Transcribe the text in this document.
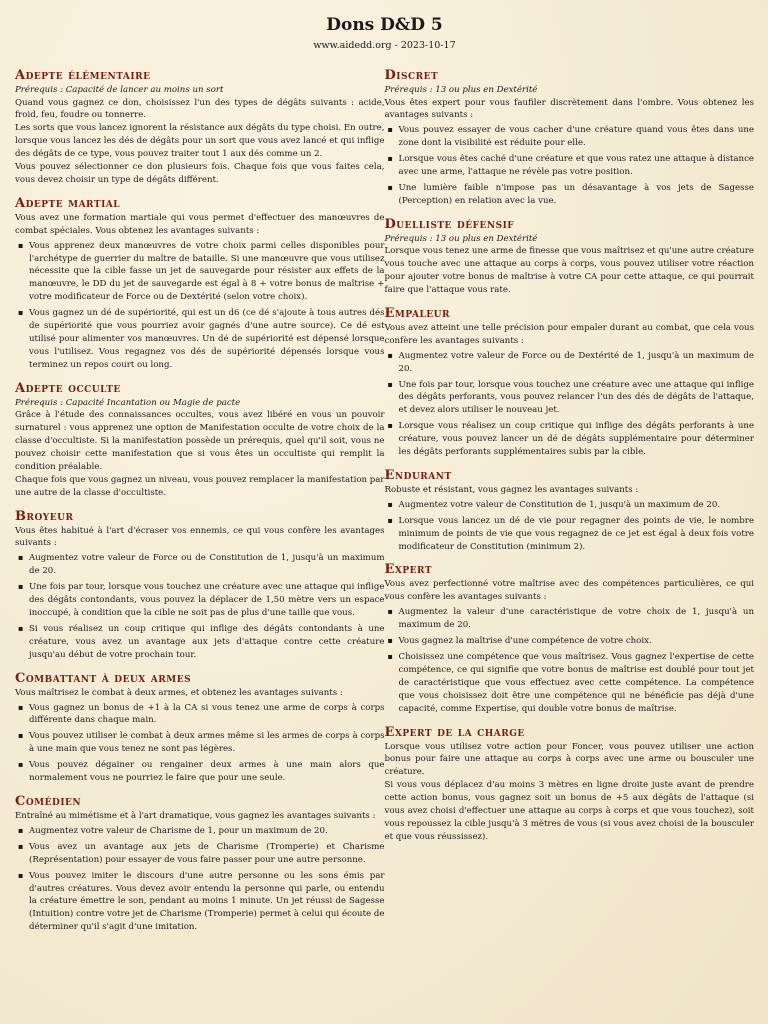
Dons D&D 5
www.aidedd.org - 2023-10-17
Adepte élémentaire
Prérequis : Capacité de lancer au moins un sort

Quand vous gagnez ce don, choisissez l'un des types de dégâts suivants : acide, froid, feu, foudre ou tonnerre.

Les sorts que vous lancez ignorent la résistance aux dégâts du type choisi. En outre, lorsque vous lancez les dés de dégâts pour un sort que vous avez lancé et qui inflige des dégâts de ce type, vous pouvez traiter tout 1 aux dés comme un 2.

Vous pouvez sélectionner ce don plusieurs fois. Chaque fois que vous faites cela, vous devez choisir un type de dégâts différent.

Adepte martial

Vous avez une formation martiale qui vous permet d'effectuer des manœuvres de combat spéciales. Vous obtenez les avantages suivants :

▪ Vous apprenez deux manœuvres de votre choix parmi celles disponibles pour l'archétype de guerrier du maître de bataille. Si une manœuvre que vous utilisez nécessite que la cible fasse un jet de sauvegarde pour résister aux effets de la manœuvre, le DD du jet de sauvegarde est égal à 8 + votre bonus de maîtrise + votre modificateur de Force ou de Dextérité (selon votre choix).
▪ Vous gagnez un dé de supériorité, qui est un d6 (ce dé s'ajoute à tous autres dés de supériorité que vous pourriez avoir gagnés d'une autre source). Ce dé est utilisé pour alimenter vos manœuvres. Un dé de supériorité est dépensé lorsque vous l'utilisez. Vous regagnez vos dés de supériorité dépensés lorsque vous terminez un repos court ou long.
Adepte occulte
Prérequis : Capacité Incantation ou Magie de pacte

Grâce à l'étude des connaissances occultes, vous avez libéré en vous un pouvoir surnaturel : vous apprenez une option de Manifestation occulte de votre choix de la classe d'occultiste. Si la manifestation possède un prérequis, quel qu'il soit, vous ne pouvez choisir cette manifestation que si vous êtes un occultiste qui remplit la condition préalable.

Chaque fois que vous gagnez un niveau, vous pouvez remplacer la manifestation par une autre de la classe d'occultiste.

Broyeur

Vous êtes habitué à l'art d'écraser vos ennemis, ce qui vous confère les avantages suivants :

▪ Augmentez votre valeur de Force ou de Constitution de 1, jusqu'à un maximum de 20.
▪ Une fois par tour, lorsque vous touchez une créature avec une attaque qui inflige des dégâts contondants, vous pouvez la déplacer de 1,50 mètre vers un espace inoccupé, à condition que la cible ne soit pas de plus d'une taille que vous.
▪ Si vous réalisez un coup critique qui inflige des dégâts contondants à une créature, vous avez un avantage aux jets d'attaque contre cette créature jusqu'au début de votre prochain tour.
Combattant à deux armes

Vous maîtrisez le combat à deux armes, et obtenez les avantages suivants :

▪ Vous gagnez un bonus de +1 à la CA si vous tenez une arme de corps à corps différente dans chaque main.
▪ Vous pouvez utiliser le combat à deux armes même si les armes de corps à corps à une main que vous tenez ne sont pas légères.
▪ Vous pouvez dégainer ou rengainer deux armes à une main alors que normalement vous ne pourriez le faire que pour une seule.
Comédien

Entraîné au mimétisme et à l'art dramatique, vous gagnez les avantages suivants :

▪ Augmentez votre valeur de Charisme de 1, pour un maximum de 20.
▪ Vous avez un avantage aux jets de Charisme (Tromperie) et Charisme (Représentation) pour essayer de vous faire passer pour une autre personne.
▪ Vous pouvez imiter le discours d'une autre personne ou les sons émis par d'autres créatures. Vous devez avoir entendu la personne qui parle, ou entendu la créature émettre le son, pendant au moins 1 minute. Un jet réussi de Sagesse (Intuition) contre votre jet de Charisme (Tromperie) permet à celui qui écoute de déterminer qu'il s'agit d'une imitation.
Discret
Prérequis : 13 ou plus en Dextérité

Vous êtes expert pour vous faufiler discrètement dans l'ombre. Vous obtenez les avantages suivants :

▪ Vous pouvez essayer de vous cacher d'une créature quand vous êtes dans une zone dont la visibilité est réduite pour elle.
▪ Lorsque vous êtes caché d'une créature et que vous ratez une attaque à distance avec une arme, l'attaque ne révèle pas votre position.
▪ Une lumière faible n'impose pas un désavantage à vos jets de Sagesse (Perception) en relation avec la vue.
Duelliste défensif
Prérequis : 13 ou plus en Dextérité

Lorsque vous tenez une arme de finesse que vous maîtrisez et qu'une autre créature vous touche avec une attaque au corps à corps, vous pouvez utiliser votre réaction pour ajouter votre bonus de maîtrise à votre CA pour cette attaque, ce qui pourrait faire que l'attaque vous rate.

Empaleur

Vous avez atteint une telle précision pour empaler durant au combat, que cela vous confère les avantages suivants :

▪ Augmentez votre valeur de Force ou de Dextérité de 1, jusqu'à un maximum de 20.
▪ Une fois par tour, lorsque vous touchez une créature avec une attaque qui inflige des dégâts perforants, vous pouvez relancer l'un des dés de dégâts de l'attaque, et devez alors utiliser le nouveau jet.
▪ Lorsque vous réalisez un coup critique qui inflige des dégâts perforants à une créature, vous pouvez lancer un dé de dégâts supplémentaire pour déterminer les dégâts perforants supplémentaires subis par la cible.
Endurant

Robuste et résistant, vous gagnez les avantages suivants :

▪ Augmentez votre valeur de Constitution de 1, jusqu'à un maximum de 20.
▪ Lorsque vous lancez un dé de vie pour regagner des points de vie, le nombre minimum de points de vie que vous regagnez de ce jet est égal à deux fois votre modificateur de Constitution (minimum 2).
Expert

Vous avez perfectionné votre maîtrise avec des compétences particulières, ce qui vous confère les avantages suivants :

▪ Augmentez la valeur d'une caractéristique de votre choix de 1, jusqu'à un maximum de 20.
▪ Vous gagnez la maîtrise d'une compétence de votre choix.
▪ Choisissez une compétence que vous maîtrisez. Vous gagnez l'expertise de cette compétence, ce qui signifie que votre bonus de maîtrise est doublé pour tout jet de caractéristique que vous effectuez avec cette compétence. La compétence que vous choisissez doit être une compétence qui ne bénéficie pas déjà d'une capacité, comme Expertise, qui double votre bonus de maîtrise.
Expert de la charge

Lorsque vous utilisez votre action pour Foncer, vous pouvez utiliser une action bonus pour faire une attaque au corps à corps avec une arme ou bousculer une créature.

Si vous vous déplacez d'au moins 3 mètres en ligne droite juste avant de prendre cette action bonus, vous gagnez soit un bonus de +5 aux dégâts de l'attaque (si vous avez choisi d'effectuer une attaque au corps à corps et que vous touchez), soit vous repoussez la cible jusqu'à 3 mètres de vous (si vous avez choisi de la bousculer et que vous réussissez).
